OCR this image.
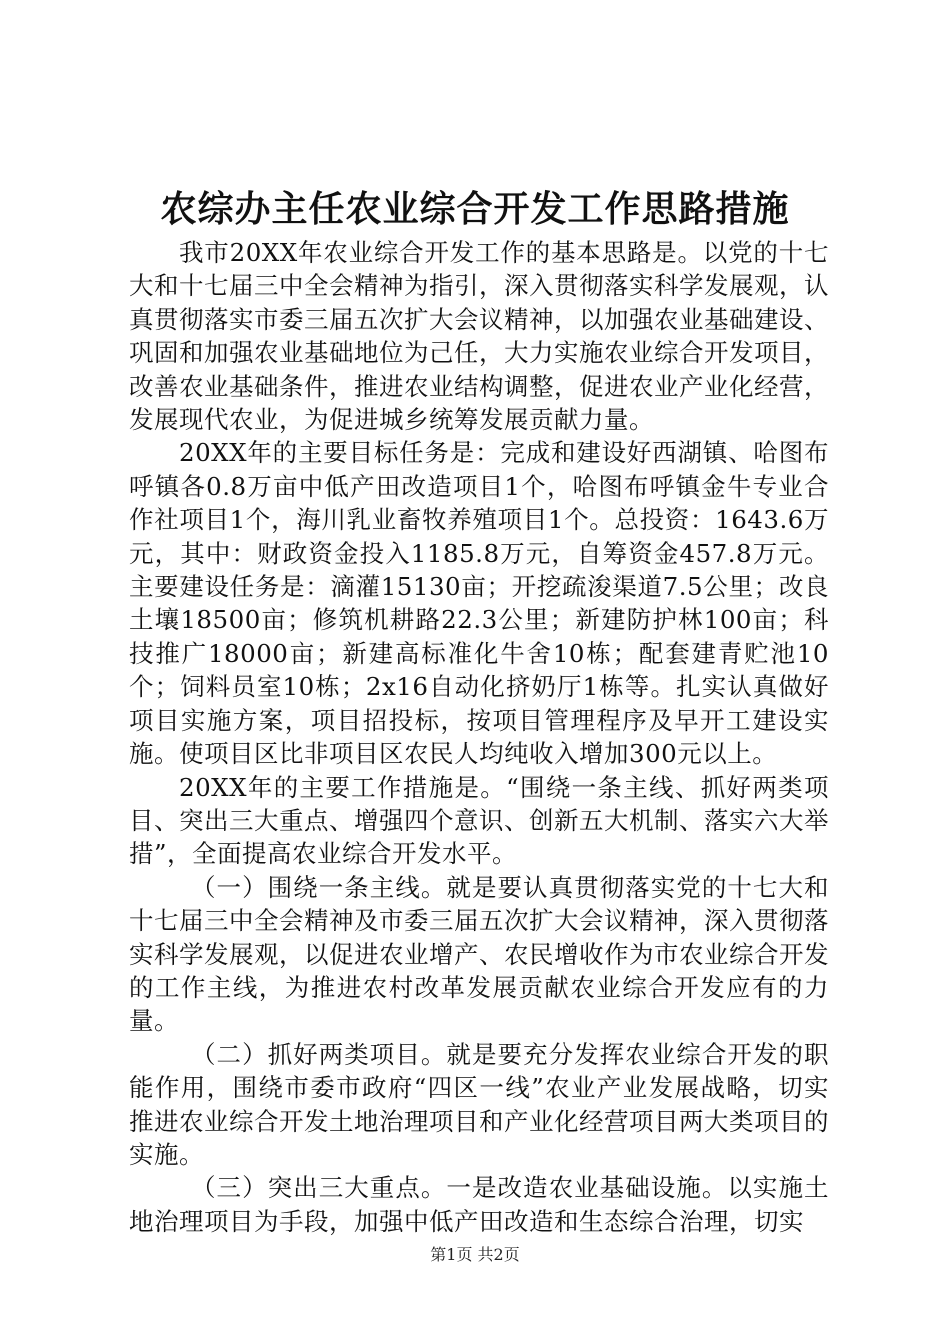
农综办主任农业综合开发工作思路措施

我市20XX年农业综合开发工作的基本思路是。以党的十七大和十七届三中全会精神为指引，深入贯彻落实科学发展观，认真贯彻落实市委三届五次扩大会议精神，以加强农业基础建设、巩固和加强农业基础地位为己任，大力实施农业综合开发项目，改善农业基础条件，推进农业结构调整，促进农业产业化经营，发展现代农业，为促进城乡统筹发展贡献力量。

20XX年的主要目标任务是：完成和建设好西湖镇、哈图布呼镇各0.8万亩中低产田改造项目1个，哈图布呼镇金牛专业合作社项目1个，海川乳业畜牧养殖项目1个。总投资：1643.6万元，其中：财政资金投入1185.8万元，自筹资金457.8万元。主要建设任务是：滴灌15130亩；开挖疏浚渠道7.5公里；改良土壤18500亩；修筑机耕路22.3公里；新建防护林100亩；科技推广18000亩；新建高标准化牛舍10栋；配套建青贮池10个；饲料员室10栋；2x16自动化挤奶厅1栋等。扎实认真做好项目实施方案，项目招投标，按项目管理程序及早开工建设实施。使项目区比非项目区农民人均纯收入增加300元以上。

20XX年的主要工作措施是。“围绕一条主线、抓好两类项目、突出三大重点、增强四个意识、创新五大机制、落实六大举措”，全面提高农业综合开发水平。

（一）围绕一条主线。就是要认真贯彻落实党的十七大和十七届三中全会精神及市委三届五次扩大会议精神，深入贯彻落实科学发展观，以促进农业增产、农民增收作为市农业综合开发的工作主线，为推进农村改革发展贡献农业综合开发应有的力量。

（二）抓好两类项目。就是要充分发挥农业综合开发的职能作用，围绕市委市政府“四区一线”农业产业发展战略，切实推进农业综合开发土地治理项目和产业化经营项目两大类项目的实施。

（三）突出三大重点。一是改造农业基础设施。以实施土地治理项目为手段，加强中低产田改造和生态综合治理，切实

第1页 共2页
